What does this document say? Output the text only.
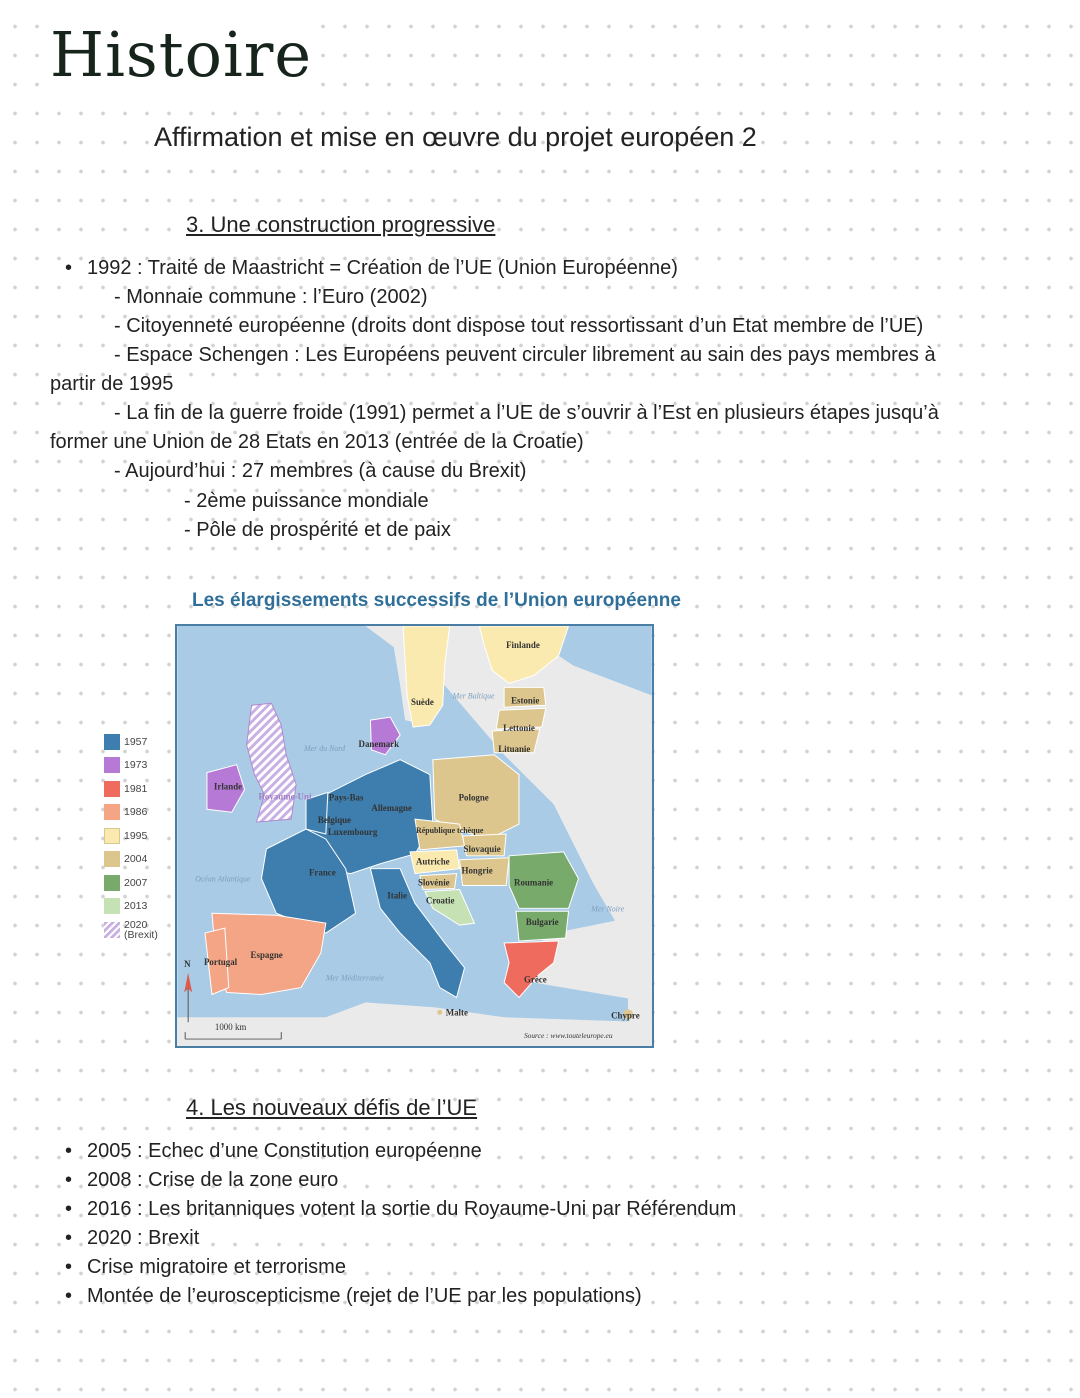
Histoire
Affirmation et mise en œuvre du projet européen 2
3. Une construction progressive
• 1992 : Traité de Maastricht = Création de l’UE (Union Européenne)
- Monnaie commune : l’Euro (2002)
- Citoyenneté européenne (droits dont dispose tout ressortissant d’un Etat membre de l’UE)
- Espace Schengen : Les Européens peuvent circuler librement au sain des pays membres à
partir de 1995
- La fin de la guerre froide (1991) permet a l’UE de s’ouvrir à l’Est en plusieurs étapes jusqu’à
former une Union de 28 Etats en 2013 (entrée de la Croatie)
- Aujourd’hui : 27 membres (à cause du Brexit)
- 2ème puissance mondiale
- Pôle de prospérité et de paix
Les élargissements successifs de l’Union européenne
1957
1973
1981
1986
1995
2004
2007
2013
2020 (Brexit)
Finlande
Suède	Estonie
Lettonie
Lituanie
Danemark
Irlande
Royaume-Uni Pays-Bas
Allemagne
Pologne
Belgique
Luxembourg	République tchèque
Slovaquie
Autriche
Hongrie
Roumanie
France
Slovénie
Croatie
Italie
Bulgarie
Portugal
Espagne
Grèce
Malte	Chypre
Mer Baltique
Mer du Nord
Océan Atlantique
Mer Méditerranée
Mer Noire
N
1000 km
Source : www.touteleurope.eu
4. Les nouveaux défis de l’UE
• 2005 : Echec d’une Constitution européenne
• 2008 : Crise de la zone euro
• 2016 : Les britanniques votent la sortie du Royaume-Uni par Référendum
• 2020 : Brexit
• Crise migratoire et terrorisme
• Montée de l’euroscepticisme (rejet de l’UE par les populations)
